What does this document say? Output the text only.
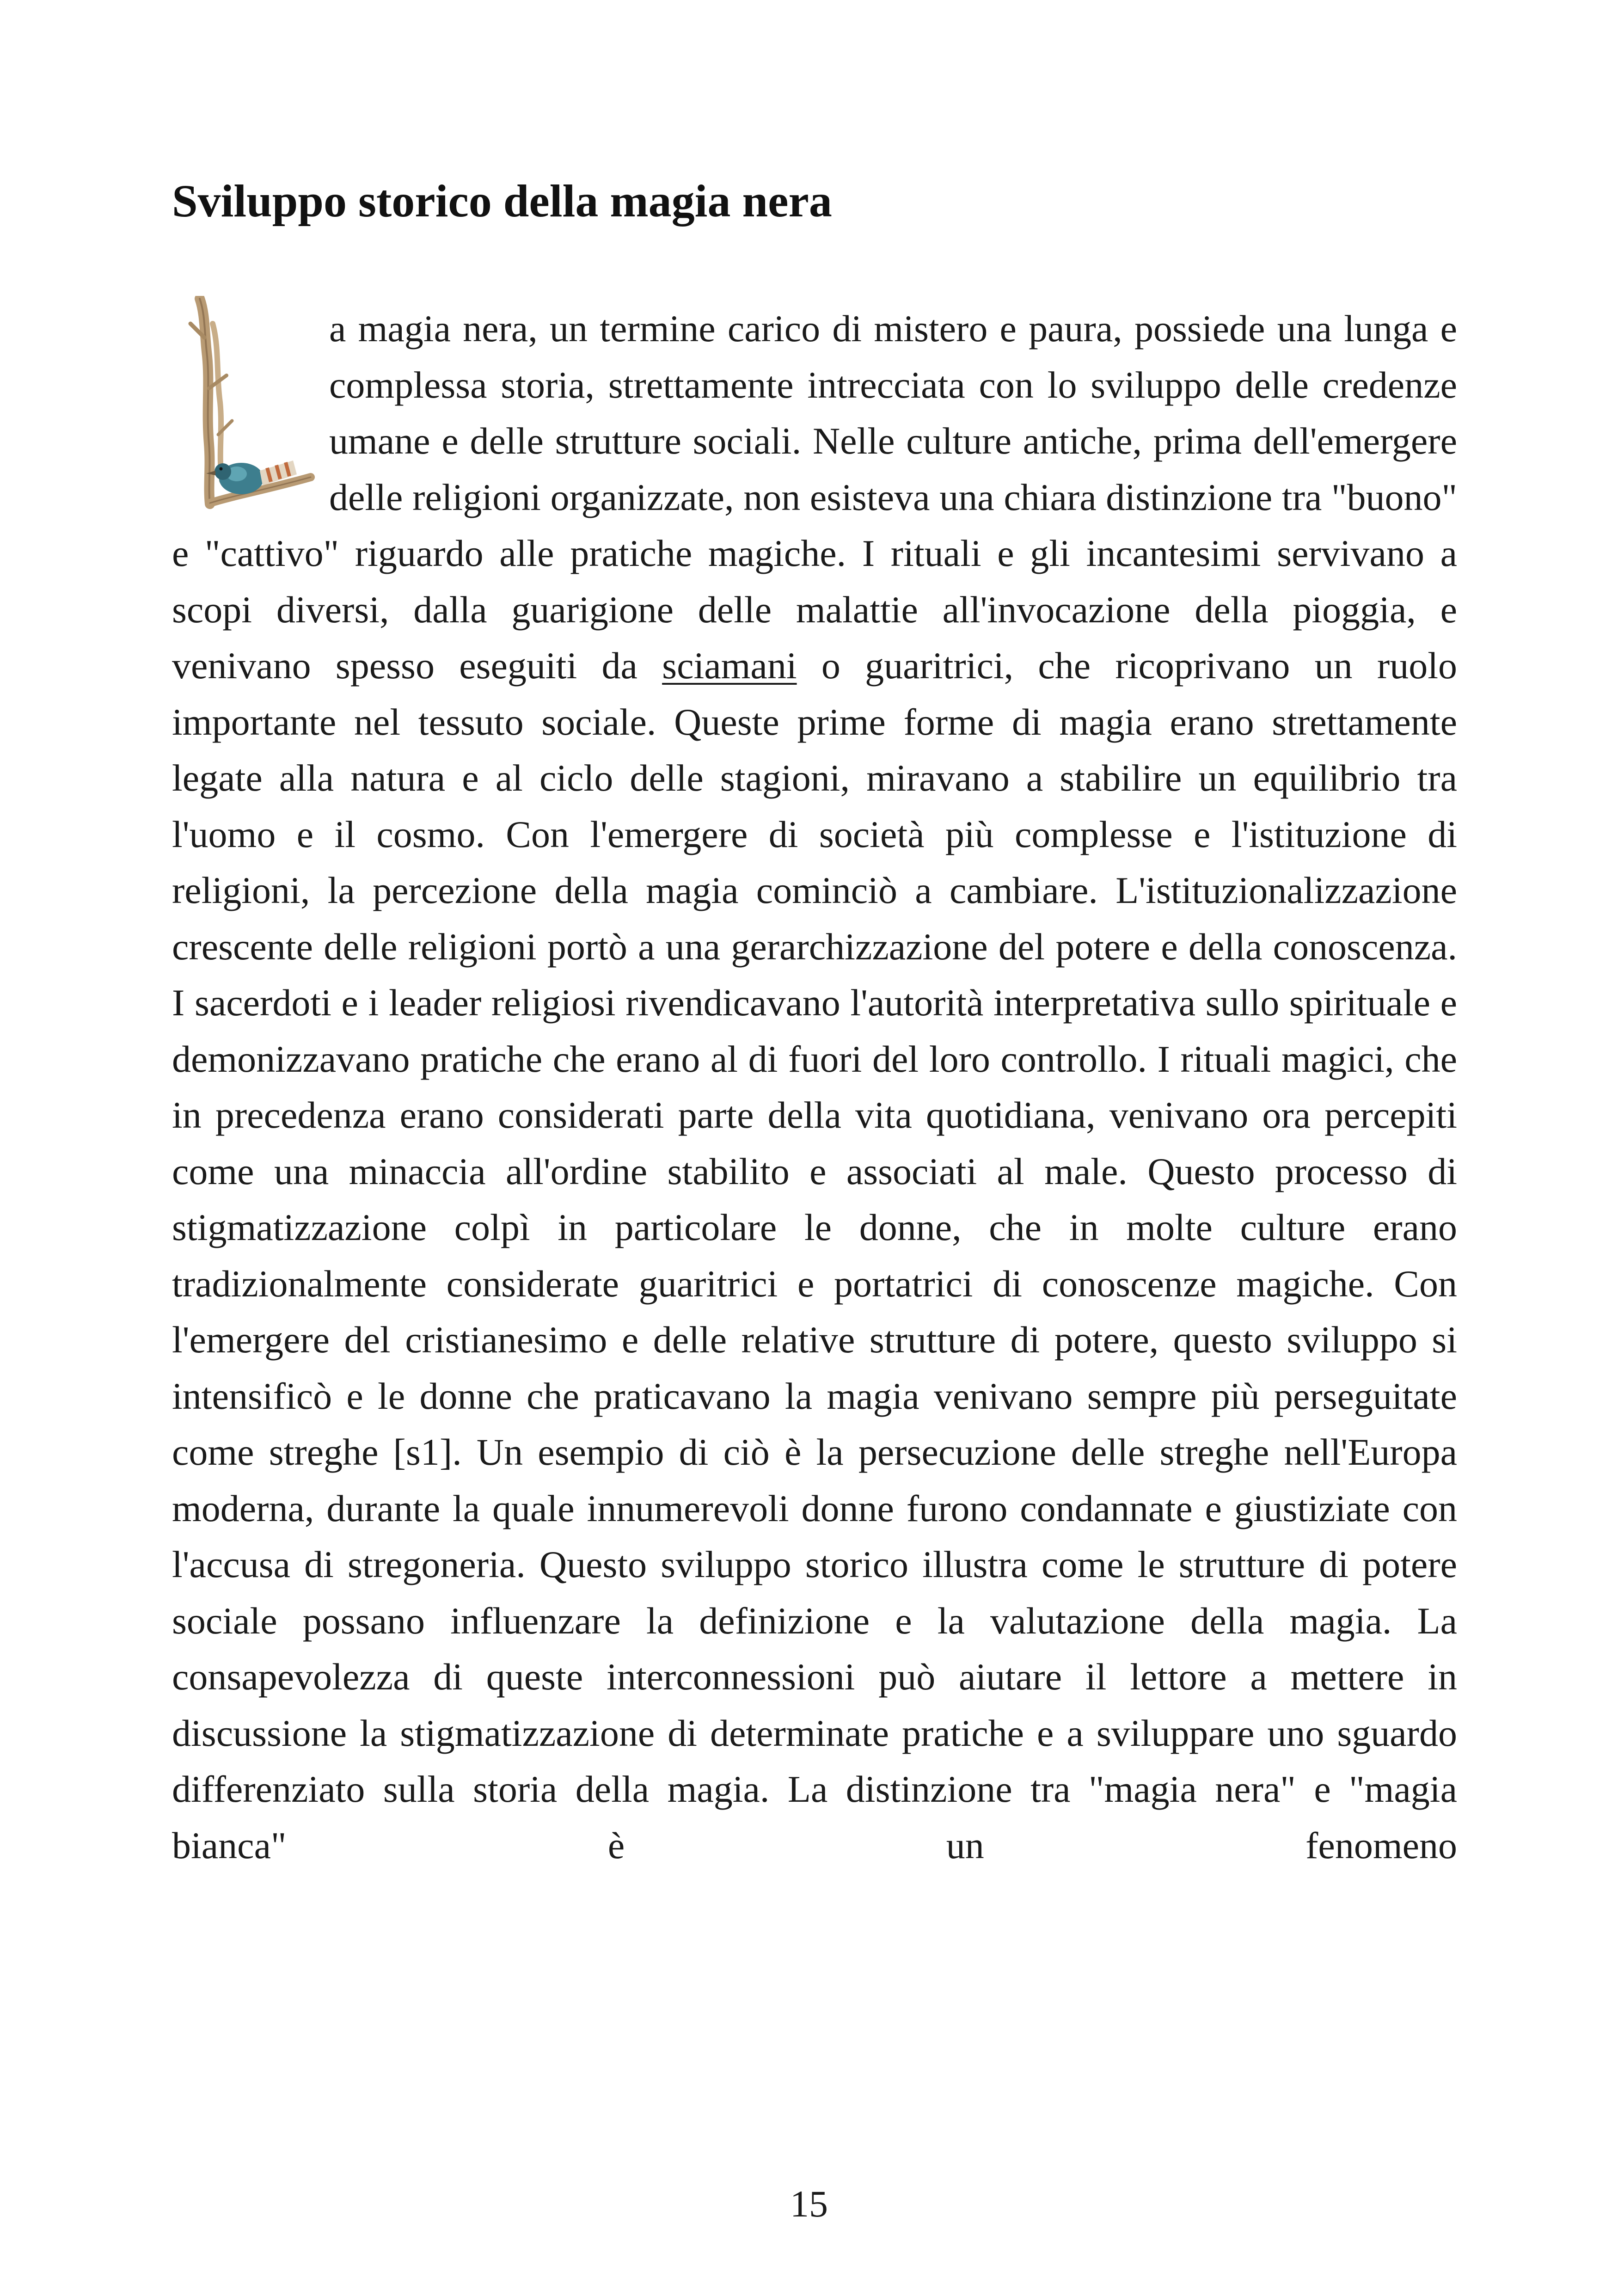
Sviluppo storico della magia nera

a magia nera, un termine carico di mistero e paura, possiede una lunga e complessa storia, strettamente intrecciata con lo sviluppo delle credenze umane e delle strutture sociali. Nelle culture antiche, prima dell'emergere delle religioni organizzate, non esisteva una chiara distinzione tra "buono" e "cattivo" riguardo alle pratiche magiche. I rituali e gli incantesimi servivano a scopi diversi, dalla guarigione delle malattie all'invocazione della pioggia, e venivano spesso eseguiti da sciamani o guaritrici, che ricoprivano un ruolo importante nel tessuto sociale. Queste prime forme di magia erano strettamente legate alla natura e al ciclo delle stagioni, miravano a stabilire un equilibrio tra l'uomo e il cosmo. Con l'emergere di società più complesse e l'istituzione di religioni, la percezione della magia cominciò a cambiare. L'istituzionalizzazione crescente delle religioni portò a una gerarchizzazione del potere e della conoscenza. I sacerdoti e i leader religiosi rivendicavano l'autorità interpretativa sullo spirituale e demonizzavano pratiche che erano al di fuori del loro controllo. I rituali magici, che in precedenza erano considerati parte della vita quotidiana, venivano ora percepiti come una minaccia all'ordine stabilito e associati al male. Questo processo di stigmatizzazione colpì in particolare le donne, che in molte culture erano tradizionalmente considerate guaritrici e portatrici di conoscenze magiche. Con l'emergere del cristianesimo e delle relative strutture di potere, questo sviluppo si intensificò e le donne che praticavano la magia venivano sempre più perseguitate come streghe [s1]. Un esempio di ciò è la persecuzione delle streghe nell'Europa moderna, durante la quale innumerevoli donne furono condannate e giustiziate con l'accusa di stregoneria. Questo sviluppo storico illustra come le strutture di potere sociale possano influenzare la definizione e la valutazione della magia. La consapevolezza di queste interconnessioni può aiutare il lettore a mettere in discussione la stigmatizzazione di determinate pratiche e a sviluppare uno sguardo differenziato sulla storia della magia. La distinzione tra "magia nera" e "magia bianca" è un fenomeno

15
